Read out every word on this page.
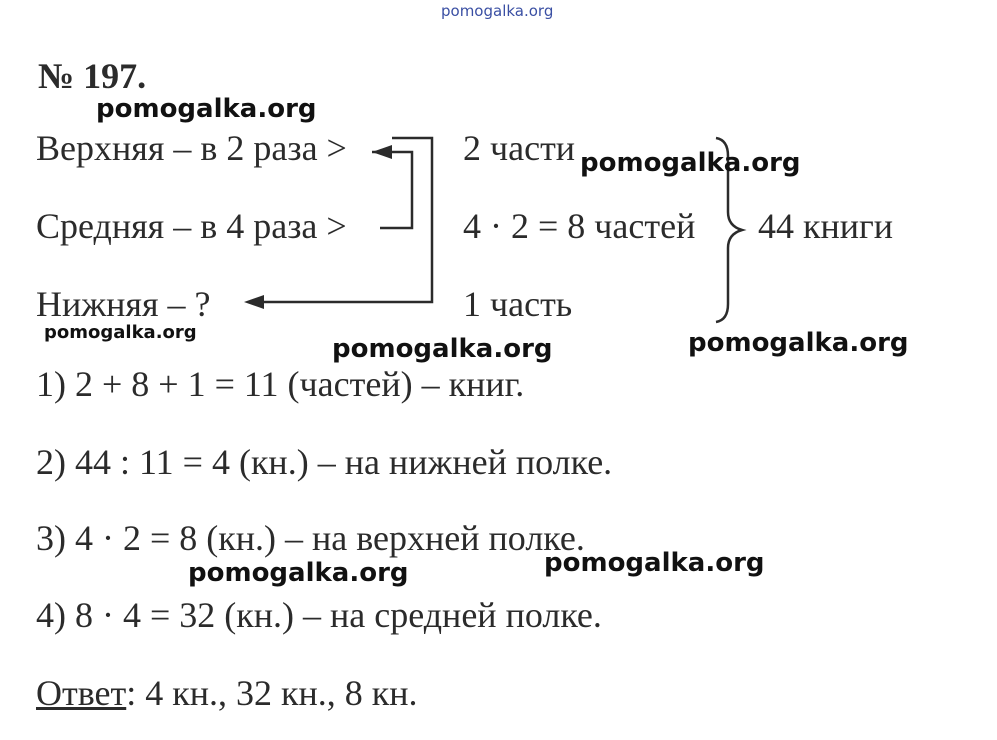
pomogalka.org
№ 197.
Верхняя – в 2 раза >
Средняя – в 4 раза >
Нижняя – ?
2 части
4 · 2 = 8 частей
1 часть
44 книги
1) 2 + 8 + 1 = 11 (частей) – книг.
2) 44 : 11 = 4 (кн.) – на нижней полке.
3) 4 · 2 = 8 (кн.) – на верхней полке.
4) 8 · 4 = 32 (кн.) – на средней полке.
Ответ: 4 кн., 32 кн., 8 кн.
pomogalka.org
pomogalka.org
pomogalka.org
pomogalka.org	pomogalka.org
pomogalka.org	pomogalka.org
